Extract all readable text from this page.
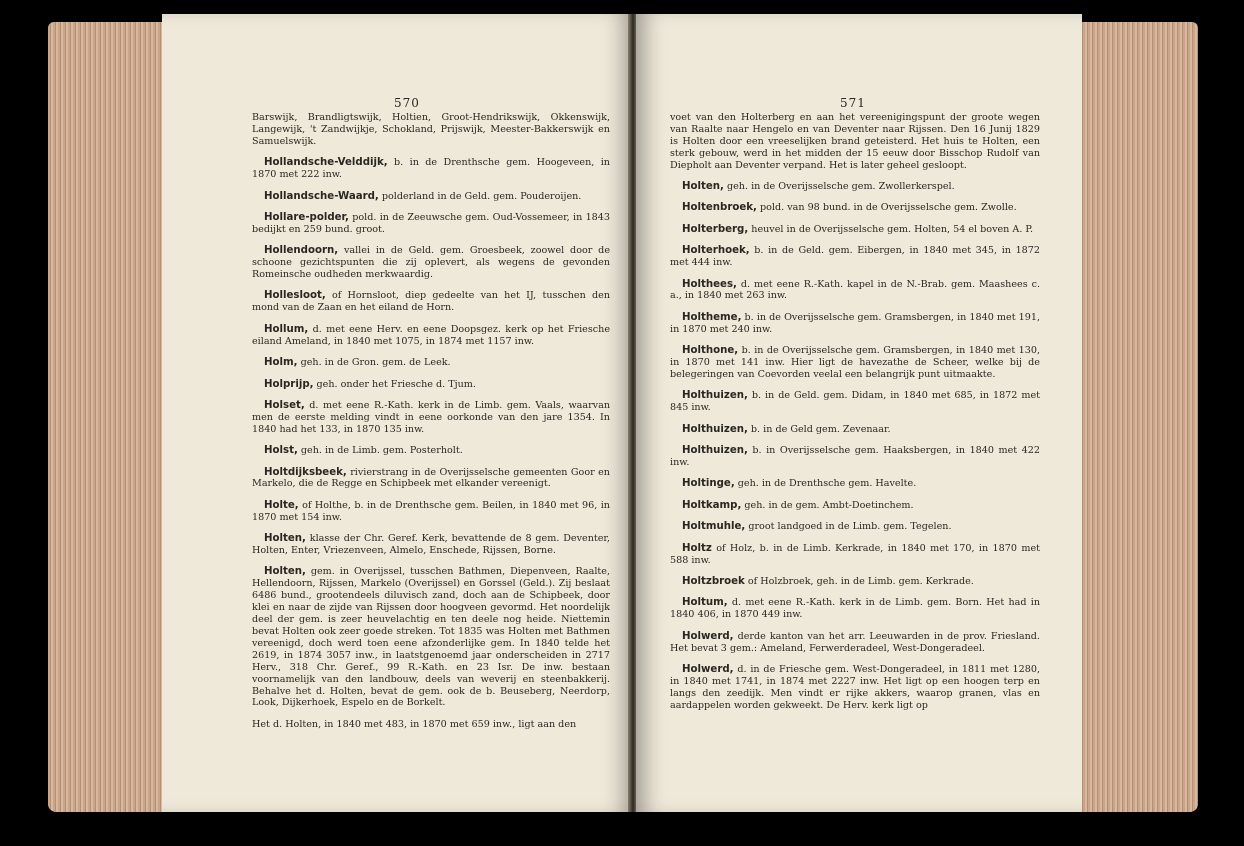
570

Barswijk, Brandligtswijk, Holtien, Groot-Hendrikswijk, Okkenswijk, Langewijk, 't Zandwijkje, Schokland, Prijswijk, Meester-Bakkerswijk en Samuelswijk.

Hollandsche-Velddijk, b. in de Drenthsche gem. Hoogeveen, in 1870 met 222 inw.

Hollandsche-Waard, polderland in de Geld. gem. Pouderoijen.

Hollare-polder, pold. in de Zeeuwsche gem. Oud-Vossemeer, in 1843 bedijkt en 259 bund. groot.

Hollendoorn, vallei in de Geld. gem. Groesbeek, zoowel door de schoone gezichtspunten die zij oplevert, als wegens de gevonden Romeinsche oudheden merkwaardig.

Hollesloot, of Hornsloot, diep gedeelte van het IJ, tusschen den mond van de Zaan en het eiland de Horn.

Hollum, d. met eene Herv. en eene Doopsgez. kerk op het Friesche eiland Ameland, in 1840 met 1075, in 1874 met 1157 inw.

Holm, geh. in de Gron. gem. de Leek.

Holprijp, geh. onder het Friesche d. Tjum.

Holset, d. met eene R.-Kath. kerk in de Limb. gem. Vaals, waarvan men de eerste melding vindt in eene oorkonde van den jare 1354. In 1840 had het 133, in 1870 135 inw.

Holst, geh. in de Limb. gem. Posterholt.

Holtdijksbeek, rivierstrang in de Overijsselsche gemeenten Goor en Markelo, die de Regge en Schipbeek met elkander vereenigt.

Holte, of Holthe, b. in de Drenthsche gem. Beilen, in 1840 met 96, in 1870 met 154 inw.

Holten, klasse der Chr. Geref. Kerk, bevattende de 8 gem. Deventer, Holten, Enter, Vriezenveen, Almelo, Enschede, Rijssen, Borne.

Holten, gem. in Overijssel, tusschen Bathmen, Diepenveen, Raalte, Hellendoorn, Rijssen, Markelo (Overijssel) en Gorssel (Geld.). Zij beslaat 6486 bund., grootendeels diluvisch zand, doch aan de Schipbeek, door klei en naar de zijde van Rijssen door hoogveen gevormd. Het noordelijk deel der gem. is zeer heuvelachtig en ten deele nog heide. Niettemin bevat Holten ook zeer goede streken. Tot 1835 was Holten met Bathmen vereenigd, doch werd toen eene afzonderlijke gem. In 1840 telde het 2619, in 1874 3057 inw., in laatstgenoemd jaar onderscheiden in 2717 Herv., 318 Chr. Geref., 99 R.-Kath. en 23 Isr. De inw. bestaan voornamelijk van den landbouw, deels van weverij en steenbakkerij. Behalve het d. Holten, bevat de gem. ook de b. Beuseberg, Neerdorp, Look, Dijkerhoek, Espelo en de Borkelt.

Het d. Holten, in 1840 met 483, in 1870 met 659 inw., ligt aan den

571

voet van den Holterberg en aan het vereenigingspunt der groote wegen van Raalte naar Hengelo en van Deventer naar Rijssen. Den 16 Junij 1829 is Holten door een vreeselijken brand geteisterd. Het huis te Holten, een sterk gebouw, werd in het midden der 15 eeuw door Bisschop Rudolf van Diepholt aan Deventer verpand. Het is later geheel gesloopt.

Holten, geh. in de Overijsselsche gem. Zwollerkerspel.

Holtenbroek, pold. van 98 bund. in de Overijsselsche gem. Zwolle.

Holterberg, heuvel in de Overijsselsche gem. Holten, 54 el boven A. P.

Holterhoek, b. in de Geld. gem. Eibergen, in 1840 met 345, in 1872 met 444 inw.

Holthees, d. met eene R.-Kath. kapel in de N.-Brab. gem. Maashees c. a., in 1840 met 263 inw.

Holtheme, b. in de Overijsselsche gem. Gramsbergen, in 1840 met 191, in 1870 met 240 inw.

Holthone, b. in de Overijsselsche gem. Gramsbergen, in 1840 met 130, in 1870 met 141 inw. Hier ligt de havezathe de Scheer, welke bij de belegeringen van Coevorden veelal een belangrijk punt uitmaakte.

Holthuizen, b. in de Geld. gem. Didam, in 1840 met 685, in 1872 met 845 inw.

Holthuizen, b. in de Geld gem. Zevenaar.

Holthuizen, b. in Overijsselsche gem. Haaksbergen, in 1840 met 422 inw.

Holtinge, geh. in de Drenthsche gem. Havelte.

Holtkamp, geh. in de gem. Ambt-Doetinchem.

Holtmuhle, groot landgoed in de Limb. gem. Tegelen.

Holtz of Holz, b. in de Limb. Kerkrade, in 1840 met 170, in 1870 met 588 inw.

Holtzbroek of Holzbroek, geh. in de Limb. gem. Kerkrade.

Holtum, d. met eene R.-Kath. kerk in de Limb. gem. Born. Het had in 1840 406, in 1870 449 inw.

Holwerd, derde kanton van het arr. Leeuwarden in de prov. Friesland. Het bevat 3 gem.: Ameland, Ferwerderadeel, West-Dongeradeel.

Holwerd, d. in de Friesche gem. West-Dongeradeel, in 1811 met 1280, in 1840 met 1741, in 1874 met 2227 inw. Het ligt op een hoogen terp en langs den zeedijk. Men vindt er rijke akkers, waarop granen, vlas en aardappelen worden gekweekt. De Herv. kerk ligt op
